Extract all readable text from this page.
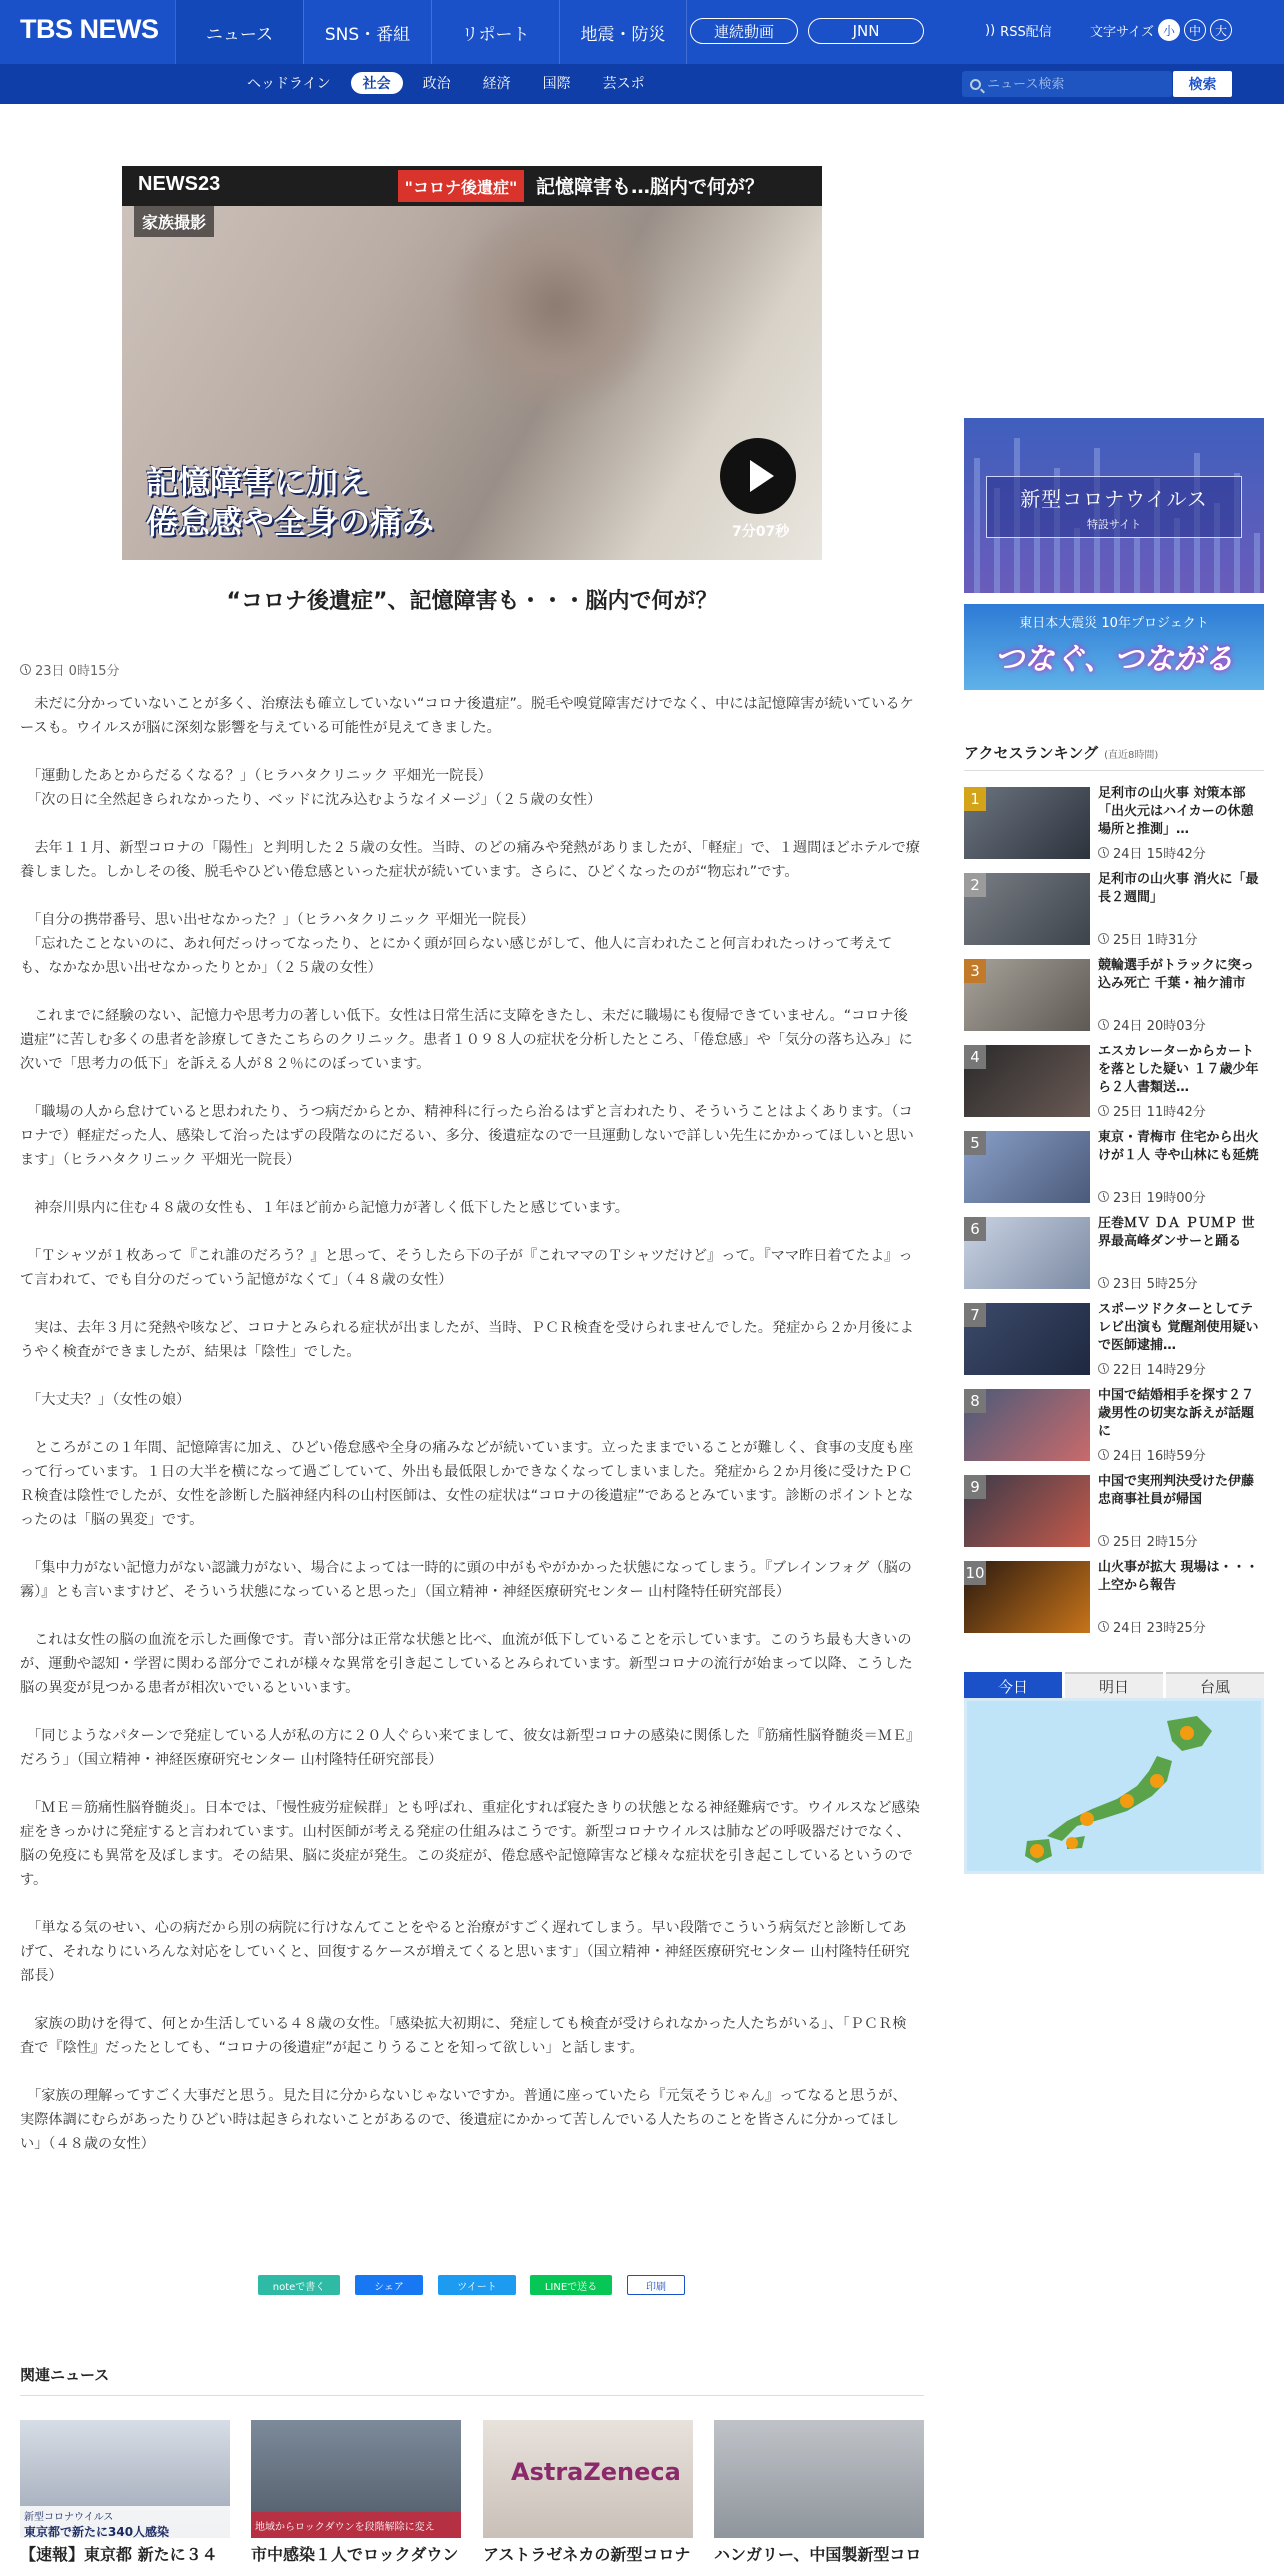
TBS NEWS	ニュース	SNS・番組	リポート	地震・防災	連続動画	JNN	)) RSS配信	文字サイズ 小	中	大
ヘッドライン	社会	政治	経済	国際	芸スポ
ニュース検索	検索
NEWS23	"コロナ後遺症" 記憶障害も…脳内で何が？
家族撮影
記憶障害に加え
倦怠感や全身の痛み	7分07秒
“コロナ後遺症”、記憶障害も・・・脳内で何が？
23日 0時15分

　未だに分かっていないことが多く、治療法も確立していない“コロナ後遺症”。脱毛や嗅覚障害だけでなく、中には記憶障害が続いているケースも。ウイルスが脳に深刻な影響を与えている可能性が見えてきました。

　「運動したあとからだるくなる？」（ヒラハタクリニック 平畑光一院長）
　「次の日に全然起きられなかったり、ベッドに沈み込むようなイメージ」（２５歳の女性）

　去年１１月、新型コロナの「陽性」と判明した２５歳の女性。当時、のどの痛みや発熱がありましたが、「軽症」で、１週間ほどホテルで療養しました。しかしその後、脱毛やひどい倦怠感といった症状が続いています。さらに、ひどくなったのが“物忘れ”です。

　「自分の携帯番号、思い出せなかった？」（ヒラハタクリニック 平畑光一院長）
　「忘れたことないのに、あれ何だっけってなったり、とにかく頭が回らない感じがして、他人に言われたこと何言われたっけって考えても、なかなか思い出せなかったりとか」（２５歳の女性）

　これまでに経験のない、記憶力や思考力の著しい低下。女性は日常生活に支障をきたし、未だに職場にも復帰できていません。“コロナ後遺症”に苦しむ多くの患者を診療してきたこちらのクリニック。患者１０９８人の症状を分析したところ、「倦怠感」や「気分の落ち込み」に次いで「思考力の低下」を訴える人が８２％にのぼっています。

　「職場の人から怠けていると思われたり、うつ病だからとか、精神科に行ったら治るはずと言われたり、そういうことはよくあります。（コロナで）軽症だった人、感染して治ったはずの段階なのにだるい、多分、後遺症なので一旦運動しないで詳しい先生にかかってほしいと思います」（ヒラハタクリニック 平畑光一院長）

　神奈川県内に住む４８歳の女性も、１年ほど前から記憶力が著しく低下したと感じています。

　「Ｔシャツが１枚あって『これ誰のだろう？』と思って、そうしたら下の子が『これママのＴシャツだけど』って。『ママ昨日着てたよ』って言われて、でも自分のだっていう記憶がなくて」（４８歳の女性）

　実は、去年３月に発熱や咳など、コロナとみられる症状が出ましたが、当時、ＰＣＲ検査を受けられませんでした。発症から２か月後にようやく検査ができましたが、結果は「陰性」でした。

　「大丈夫？」（女性の娘）

　ところがこの１年間、記憶障害に加え、ひどい倦怠感や全身の痛みなどが続いています。立ったままでいることが難しく、食事の支度も座って行っています。１日の大半を横になって過ごしていて、外出も最低限しかできなくなってしまいました。発症から２か月後に受けたＰＣＲ検査は陰性でしたが、女性を診断した脳神経内科の山村医師は、女性の症状は“コロナの後遺症”であるとみています。診断のポイントとなったのは「脳の異変」です。

　「集中力がない記憶力がない認識力がない、場合によっては一時的に頭の中がもやがかかった状態になってしまう。『ブレインフォグ（脳の霧）』とも言いますけど、そういう状態になっていると思った」（国立精神・神経医療研究センター 山村隆特任研究部長）

　これは女性の脳の血流を示した画像です。青い部分は正常な状態と比べ、血流が低下していることを示しています。このうち最も大きいのが、運動や認知・学習に関わる部分でこれが様々な異常を引き起こしているとみられています。新型コロナの流行が始まって以降、こうした脳の異変が見つかる患者が相次いでいるといいます。

　「同じようなパターンで発症している人が私の方に２０人ぐらい来てまして、彼女は新型コロナの感染に関係した『筋痛性脳脊髄炎＝ＭＥ』だろう」（国立精神・神経医療研究センター 山村隆特任研究部長）

　「ＭＥ＝筋痛性脳脊髄炎」。日本では、「慢性疲労症候群」とも呼ばれ、重症化すれば寝たきりの状態となる神経難病です。ウイルスなど感染症をきっかけに発症すると言われています。山村医師が考える発症の仕組みはこうです。新型コロナウイルスは肺などの呼吸器だけでなく、脳の免疫にも異常を及ぼします。その結果、脳に炎症が発生。この炎症が、倦怠感や記憶障害など様々な症状を引き起こしているというのです。

　「単なる気のせい、心の病だから別の病院に行けなんてことをやると治療がすごく遅れてしまう。早い段階でこういう病気だと診断してあげて、それなりにいろんな対応をしていくと、回復するケースが増えてくると思います」（国立精神・神経医療研究センター 山村隆特任研究部長）

　家族の助けを得て、何とか生活している４８歳の女性。「感染拡大初期に、発症しても検査が受けられなかった人たちがいる」、「ＰＣＲ検査で『陰性』だったとしても、“コロナの後遺症”が起こりうることを知って欲しい」と話します。

　「家族の理解ってすごく大事だと思う。見た目に分からないじゃないですか。普通に座っていたら『元気そうじゃん』ってなると思うが、実際体調にむらがあったりひどい時は起きられないことがあるので、後遺症にかかって苦しんでいる人たちのことを皆さんに分かってほしい」（４８歳の女性）

noteで書く	シェア	ツイート	LINEで送る	印刷
関連ニュース
新型コロナウイルス
東京都で新たに340人感染
【速報】東京都 新たに３４
地域からロックダウンを段階解除に変え
市中感染１人でロックダウン
AstraZeneca
アストラゼネカの新型コロナ ハンガリー、中国製新型コロ
新型コロナウイルス
特設サイト
東日本大震災 10年プロジェクト
つなぐ、つながる
アクセスランキング (直近8時間)
1	足利市の山火事 対策本部「出火元はハイカーの休憩場所と推測」…
24日 15時42分
2	足利市の山火事 消火に「最長２週間」
25日 1時31分
3	競輪選手がトラックに突っ込み死亡 千葉・袖ケ浦市
24日 20時03分
4	エスカレーターからカートを落とした疑い １７歳少年ら２人書類送…
25日 11時42分
5	東京・青梅市 住宅から出火 けが１人 寺や山林にも延焼
23日 19時00分
6	圧巻ＭＶ ＤＡ ＰＵＭＰ 世界最高峰ダンサーと踊る
23日 5時25分
7	スポーツドクターとしてテレビ出演も 覚醒剤使用疑いで医師逮捕…
22日 14時29分
8	中国で結婚相手を探す２７歳男性の切実な訴えが話題に
24日 16時59分
9	中国で実刑判決受けた伊藤忠商事社員が帰国
25日 2時15分
10	山火事が拡大 現場は・・・上空から報告
24日 23時25分
今日	明日	台風
